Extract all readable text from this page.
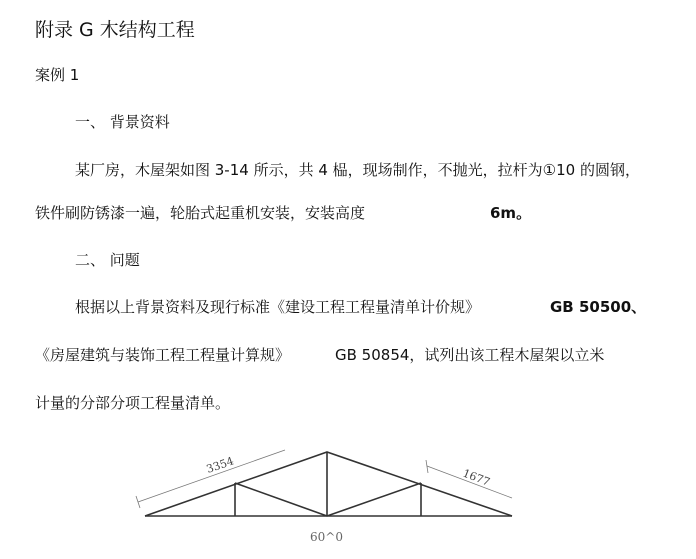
附录 G 木结构工程
案例 1
一、 背景资料
某厂房，木屋架如图 3-14 所示，共 4 榀，现场制作，不抛光，拉杆为①10 的圆钢，
铁件刷防锈漆一遍，轮胎式起重机安装，安装高度	6m。
二、 问题
根据以上背景资料及现行标准《建设工程工程量清单计价规》	GB 50500、
《房屋建筑与装饰工程工程量计算规》	GB 50854，试列出该工程木屋架以立米
计量的分部分项工程量清单。
3354
1677
60^0
